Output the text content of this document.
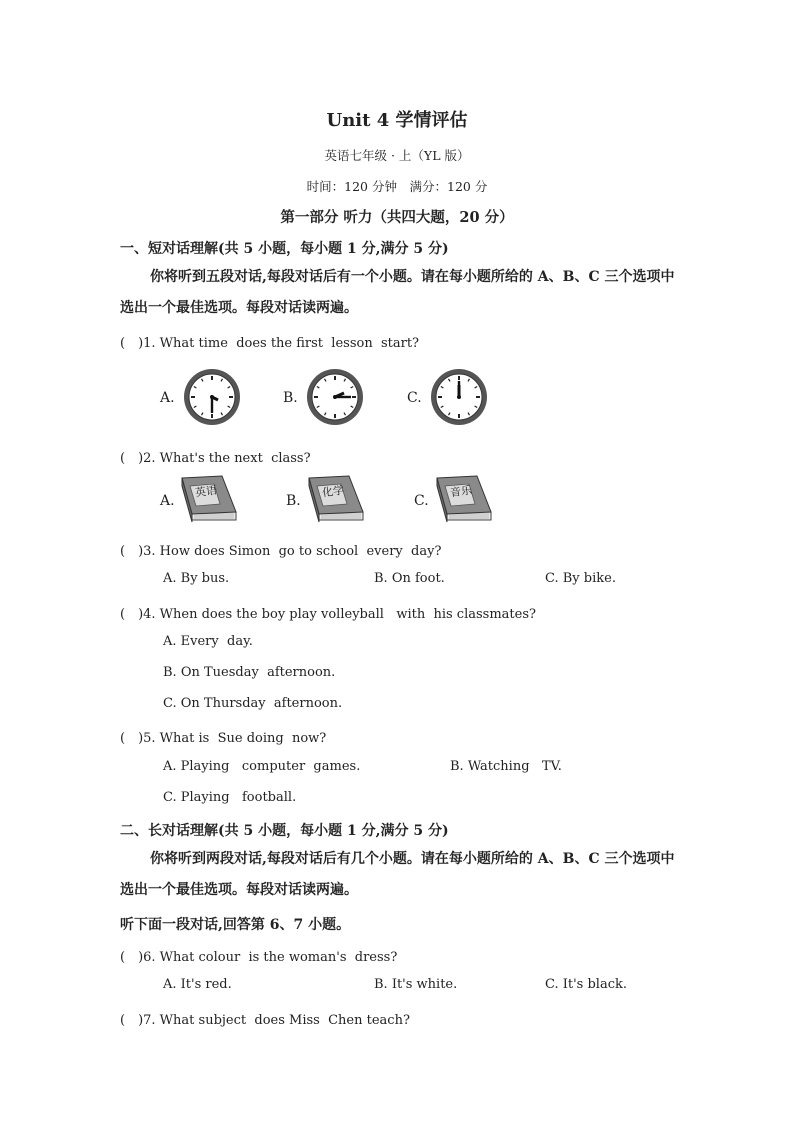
Unit 4 学情评估
英语七年级 · 上（YL 版）
时间：120 分钟　满分：120 分
第一部分 听力（共四大题，20 分）
一、短对话理解(共 5 小题，每小题 1 分,满分 5 分)
你将听到五段对话,每段对话后有一个小题。请在每小题所给的 A、B、C 三个选项中选出一个最佳选项。每段对话读两遍。
(　)1. What time  does the first  lesson  start?
A.	B.	C.
(　)2. What's the next  class?
A.
英语
B.
化学
C.
音乐
(　)3. How does Simon  go to school  every  day?
A. By bus.	B. On foot.	C. By bike.
(　)4. When does the boy play volleyball   with  his classmates?
A. Every  day.
B. On Tuesday  afternoon.
C. On Thursday  afternoon.
(　)5. What is  Sue doing  now?
A. Playing   computer  games.	B. Watching   TV.
C. Playing   football.
二、长对话理解(共 5 小题，每小题 1 分,满分 5 分)
你将听到两段对话,每段对话后有几个小题。请在每小题所给的 A、B、C 三个选项中选出一个最佳选项。每段对话读两遍。
听下面一段对话,回答第 6、7 小题。
(　)6. What colour  is the woman's  dress?
A. It's red.	B. It's white.	C. It's black.
(　)7. What subject  does Miss  Chen teach?
